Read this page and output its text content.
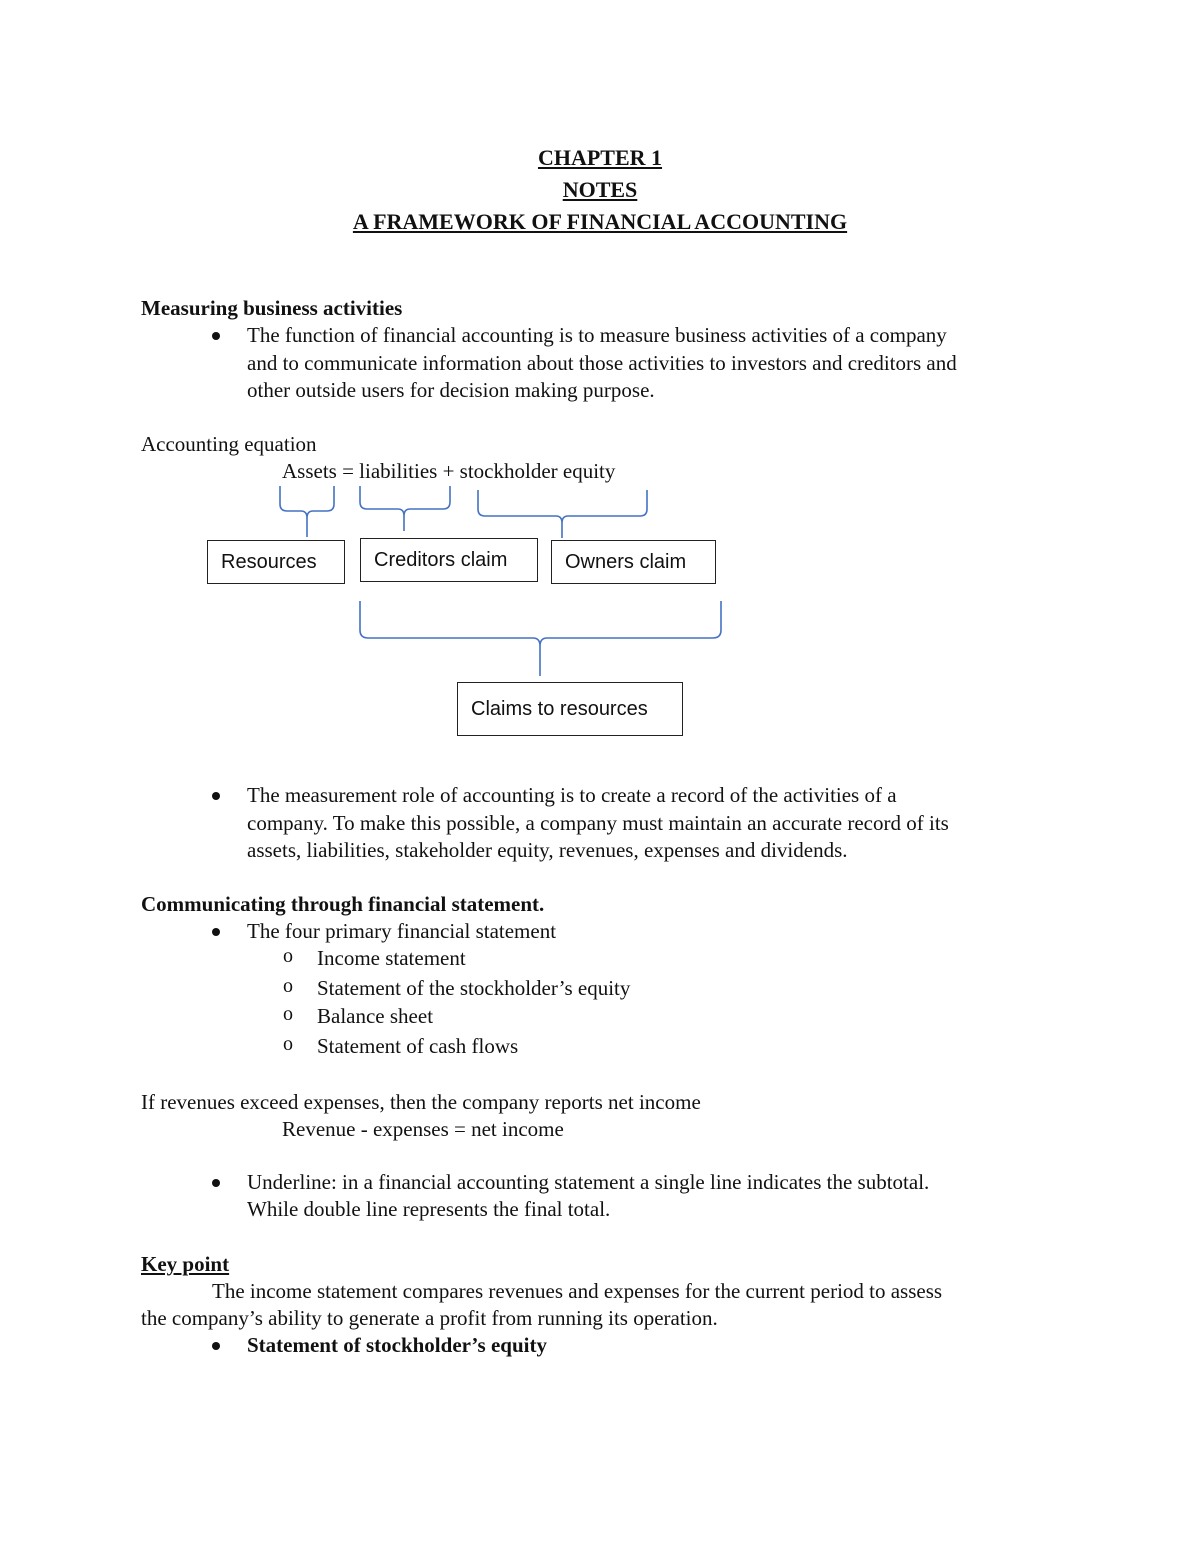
CHAPTER 1
NOTES
A FRAMEWORK OF FINANCIAL ACCOUNTING
Measuring business activities
The function of financial accounting is to measure business activities of a company
and to communicate information about those activities to investors and creditors and
other outside users for decision making purpose.
Accounting equation
Assets = liabilities + stockholder equity
Resources	Creditors claim	Owners claim
Claims to resources
The measurement role of accounting is to create a record of the activities of a
company. To make this possible, a company must maintain an accurate record of its
assets, liabilities, stakeholder equity, revenues, expenses and dividends.
Communicating through financial statement.
The four primary financial statement
o Income statement
o Statement of the stockholder’s equity
o Balance sheet
o Statement of cash flows
If revenues exceed expenses, then the company reports net income
Revenue - expenses = net income
Underline: in a financial accounting statement a single line indicates the subtotal.
While double line represents the final total.
Key point
The income statement compares revenues and expenses for the current period to assess
the company’s ability to generate a profit from running its operation.
Statement of stockholder’s equity
